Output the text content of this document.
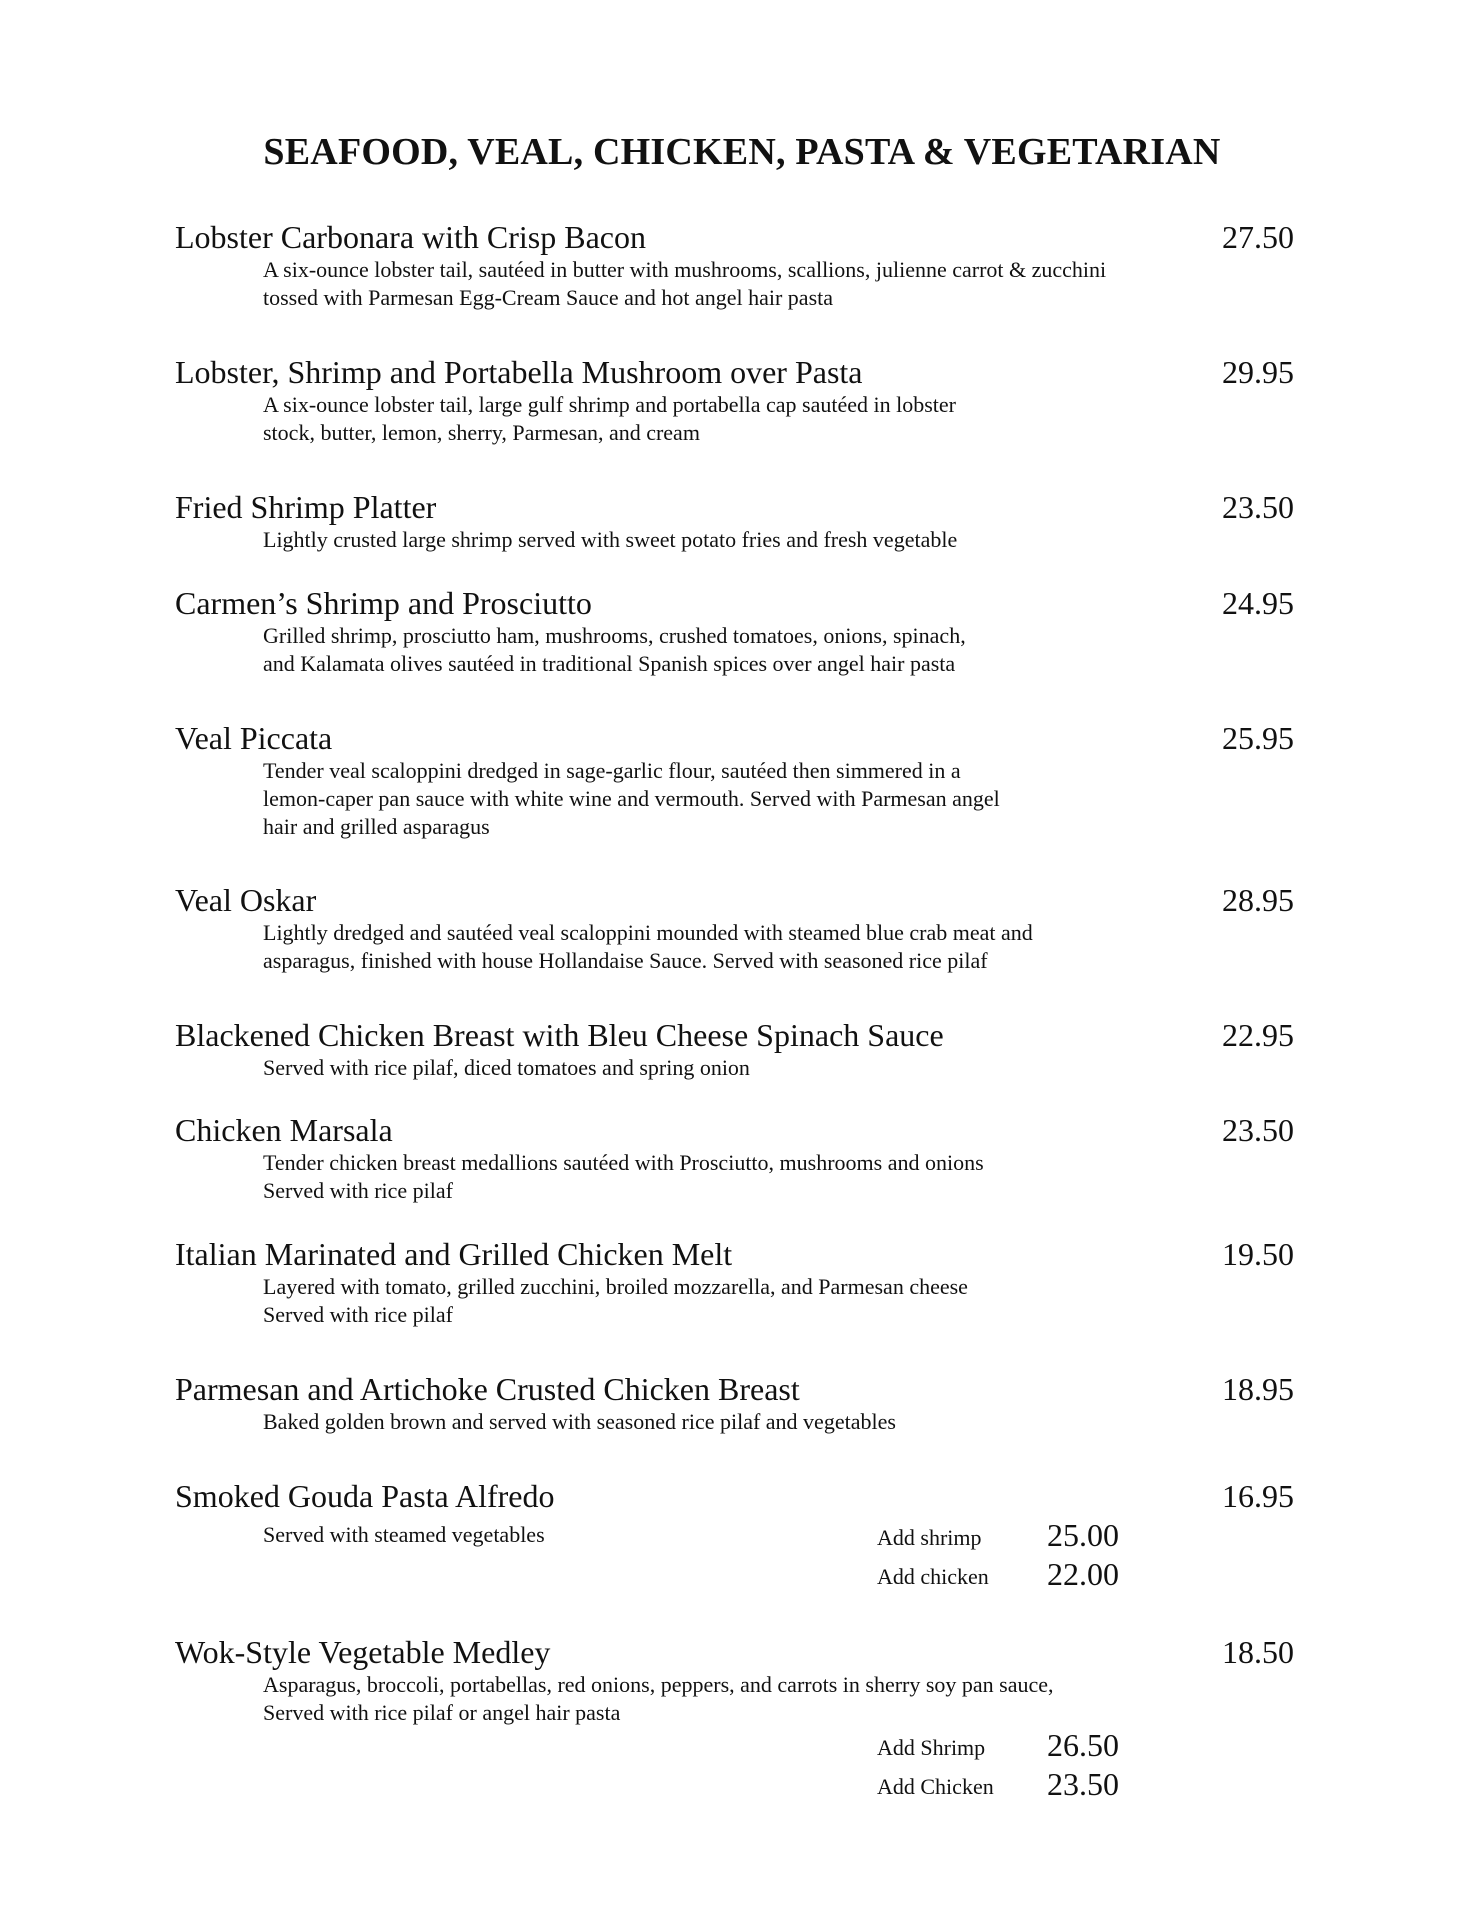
SEAFOOD, VEAL, CHICKEN, PASTA & VEGETARIAN
Lobster Carbonara with Crisp Bacon	27.50
A six-ounce lobster tail, sautéed in butter with mushrooms, scallions, julienne carrot & zucchini
tossed with Parmesan Egg-Cream Sauce and hot angel hair pasta
Lobster, Shrimp and Portabella Mushroom over Pasta	29.95
A six-ounce lobster tail, large gulf shrimp and portabella cap sautéed in lobster
stock, butter, lemon, sherry, Parmesan, and cream
Fried Shrimp Platter	23.50
Lightly crusted large shrimp served with sweet potato fries and fresh vegetable
Carmen’s Shrimp and Prosciutto	24.95
Grilled shrimp, prosciutto ham, mushrooms, crushed tomatoes, onions, spinach,
and Kalamata olives sautéed in traditional Spanish spices over angel hair pasta
Veal Piccata	25.95
Tender veal scaloppini dredged in sage-garlic flour, sautéed then simmered in a
lemon-caper pan sauce with white wine and vermouth. Served with Parmesan angel
hair and grilled asparagus
Veal Oskar	28.95
Lightly dredged and sautéed veal scaloppini mounded with steamed blue crab meat and
asparagus, finished with house Hollandaise Sauce. Served with seasoned rice pilaf
Blackened Chicken Breast with Bleu Cheese Spinach Sauce	22.95
Served with rice pilaf, diced tomatoes and spring onion
Chicken Marsala	23.50
Tender chicken breast medallions sautéed with Prosciutto, mushrooms and onions
Served with rice pilaf
Italian Marinated and Grilled Chicken Melt	19.50
Layered with tomato, grilled zucchini, broiled mozzarella, and Parmesan cheese
Served with rice pilaf
Parmesan and Artichoke Crusted Chicken Breast	18.95
Baked golden brown and served with seasoned rice pilaf and vegetables
Smoked Gouda Pasta Alfredo	16.95
Served with steamed vegetables	Add shrimp 25.00
Add chicken 22.00
Wok-Style Vegetable Medley	18.50
Asparagus, broccoli, portabellas, red onions, peppers, and carrots in sherry soy pan sauce,
Served with rice pilaf or angel hair pasta
Add Shrimp 26.50
Add Chicken 23.50
